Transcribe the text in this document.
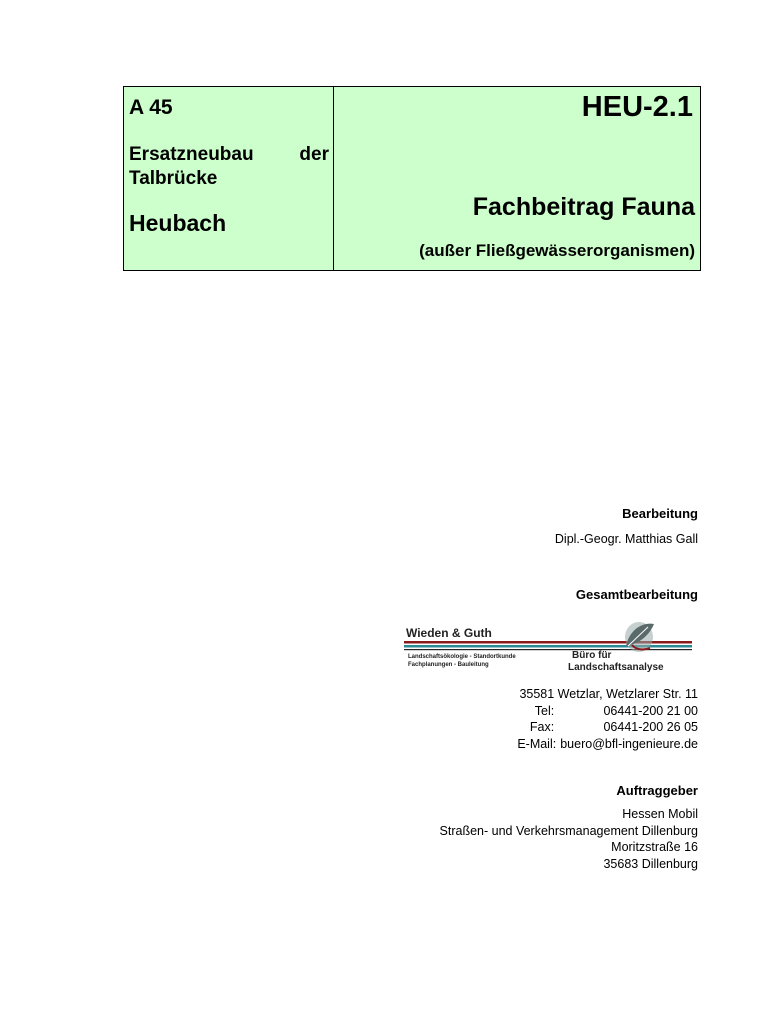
A 45
Ersatzneubau der
Talbrücke
Heubach
HEU-2.1
Fachbeitrag Fauna
(außer Fließgewässerorganismen)
Bearbeitung
Dipl.-Geogr. Matthias Gall
Gesamtbearbeitung
Wieden & Guth
Landschaftsökologie - Standortkunde
Fachplanungen - Bauleitung
Büro für
Landschaftsanalyse
35581 Wetzlar, Wetzlarer Str. 11
Tel:	06441-200 21 00
Fax:	06441-200 26 05
E-Mail:	buero@bfl-ingenieure.de
Auftraggeber
Hessen Mobil
Straßen- und Verkehrsmanagement Dillenburg
Moritzstraße 16
35683 Dillenburg
